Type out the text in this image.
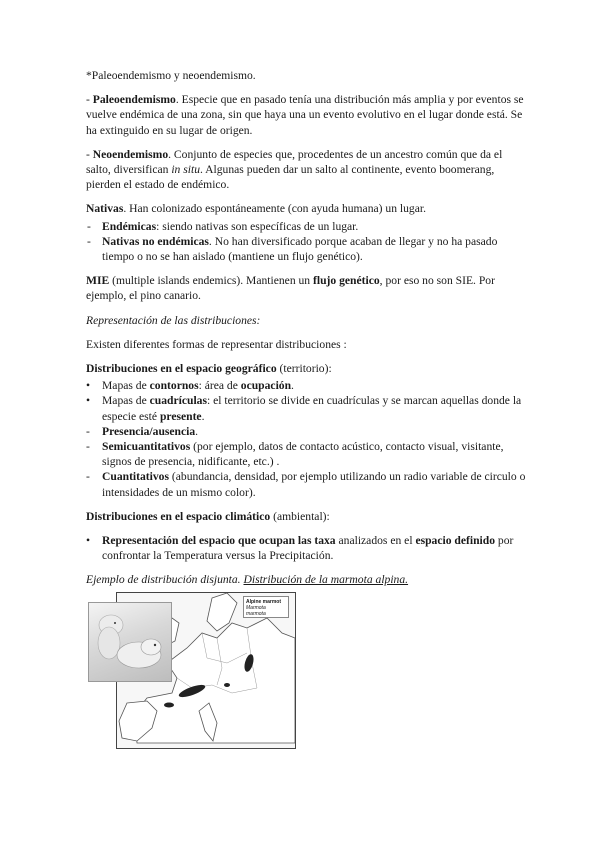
*Paleoendemismo y neoendemismo.

- Paleoendemismo. Especie que en pasado tenía una distribución más amplia y por eventos se vuelve endémica de una zona, sin que haya una un evento evolutivo en el lugar donde está. Se ha extinguido en su lugar de origen.

- Neoendemismo. Conjunto de especies que, procedentes de un ancestro común que da el salto, diversifican in situ. Algunas pueden dar un salto al continente, evento boomerang, pierden el estado de endémico.

Nativas. Han colonizado espontáneamente (con ayuda humana) un lugar.

- Endémicas: siendo nativas son específicas de un lugar.
- Nativas no endémicas. No han diversificado porque acaban de llegar y no ha pasado tiempo o no se han aislado (mantiene un flujo genético).

MIE (multiple islands endemics). Mantienen un flujo genético, por eso no son SIE. Por ejemplo, el pino canario.

Representación de las distribuciones:

Existen diferentes formas de representar distribuciones :

Distribuciones en el espacio geográfico (territorio):

• Mapas de contornos: área de ocupación.
• Mapas de cuadrículas: el territorio se divide en cuadrículas y se marcan aquellas donde la especie esté presente.
- Presencia/ausencia.
- Semicuantitativos (por ejemplo, datos de contacto acústico, contacto visual, visitante, signos de presencia, nidificante, etc.) .
- Cuantitativos (abundancia, densidad, por ejemplo utilizando un radio variable de circulo o intensidades de un mismo color).

Distribuciones en el espacio climático (ambiental):

• Representación del espacio que ocupan las taxa analizados en el espacio definido por confrontar la Temperatura versus la Precipitación.

Ejemplo de distribución disjunta. Distribución de la marmota alpina.

Alpine marmot
Marmota marmota
